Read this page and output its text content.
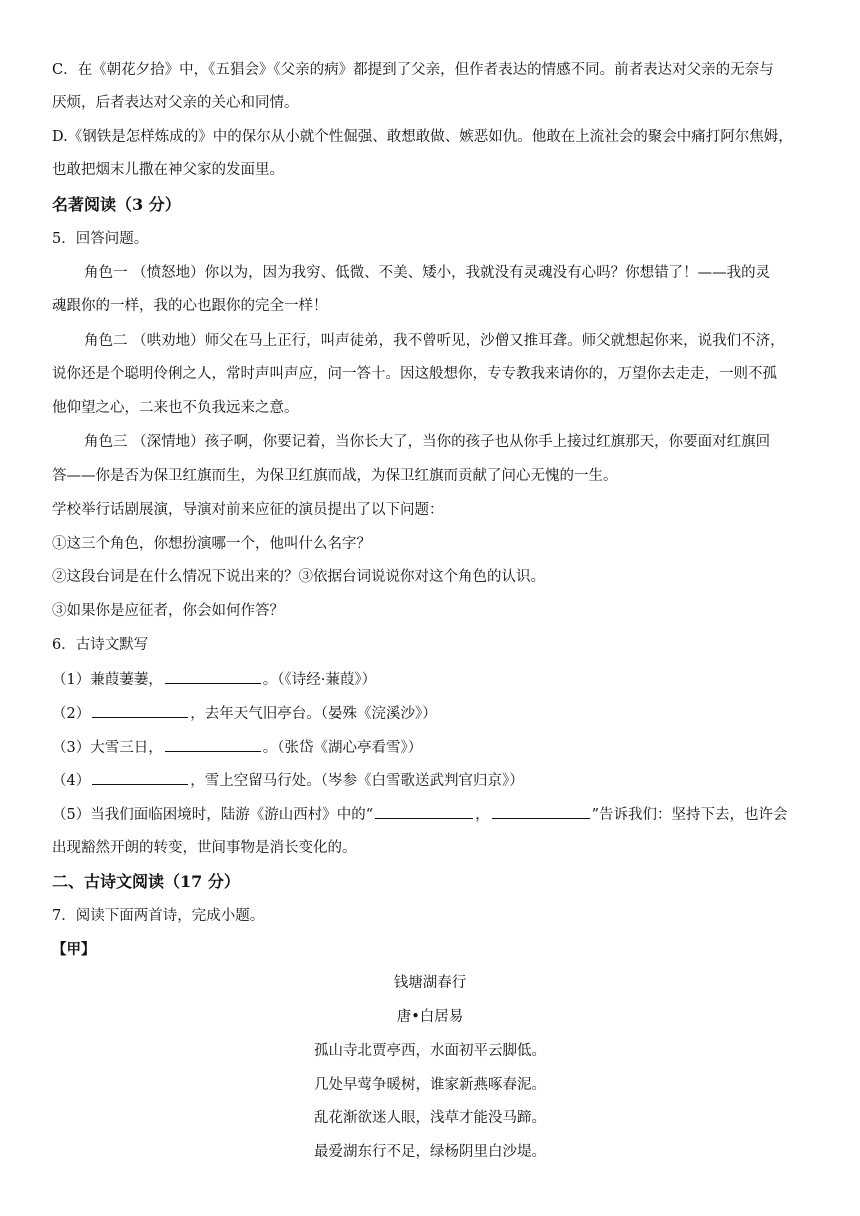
C．在《朝花夕拾》中，《五猖会》《父亲的病》都提到了父亲，但作者表达的情感不同。前者表达对父亲的无奈与
厌烦，后者表达对父亲的关心和同情。
D.《钢铁是怎样炼成的》中的保尔从小就个性倔强、敢想敢做、嫉恶如仇。他敢在上流社会的聚会中痛打阿尔焦姆，
也敢把烟末儿撒在神父家的发面里。
名著阅读（3 分）
5．回答问题。
角色一 （愤怒地）你以为，因为我穷、低微、不美、矮小，我就没有灵魂没有心吗？你想错了！——我的灵
魂跟你的一样，我的心也跟你的完全一样！
角色二 （哄劝地）师父在马上正行，叫声徒弟，我不曾听见，沙僧又推耳聋。师父就想起你来，说我们不济，
说你还是个聪明伶俐之人，常时声叫声应，问一答十。因这般想你，专专教我来请你的，万望你去走走，一则不孤
他仰望之心，二来也不负我远来之意。
角色三 （深情地）孩子啊，你要记着，当你长大了，当你的孩子也从你手上接过红旗那天，你要面对红旗回
答——你是否为保卫红旗而生，为保卫红旗而战，为保卫红旗而贡献了问心无愧的一生。
学校举行话剧展演，导演对前来应征的演员提出了以下问题：
①这三个角色，你想扮演哪一个，他叫什么名字？
②这段台词是在什么情况下说出来的？③依据台词说说你对这个角色的认识。
③如果你是应征者，你会如何作答？
6．古诗文默写
（1）兼葭萋萋，	。（《诗经·蒹葭》）
（2）	，去年天气旧亭台。（晏殊《浣溪沙》）
（3）大雪三日，	。（张岱《湖心亭看雪》）
（4）	，雪上空留马行处。（岑参《白雪歌送武判官归京》）
（5）当我们面临困境时，陆游《游山西村》中的“	，	”告诉我们：坚持下去，也许会
出现豁然开朗的转变，世间事物是消长变化的。
二、古诗文阅读（17 分）
7．阅读下面两首诗，完成小题。
【甲】
钱塘湖春行
唐•白居易
孤山寺北贾亭西，水面初平云脚低。
几处早莺争暖树，谁家新燕啄春泥。
乱花渐欲迷人眼，浅草才能没马蹄。
最爱湖东行不足，绿杨阴里白沙堤。
